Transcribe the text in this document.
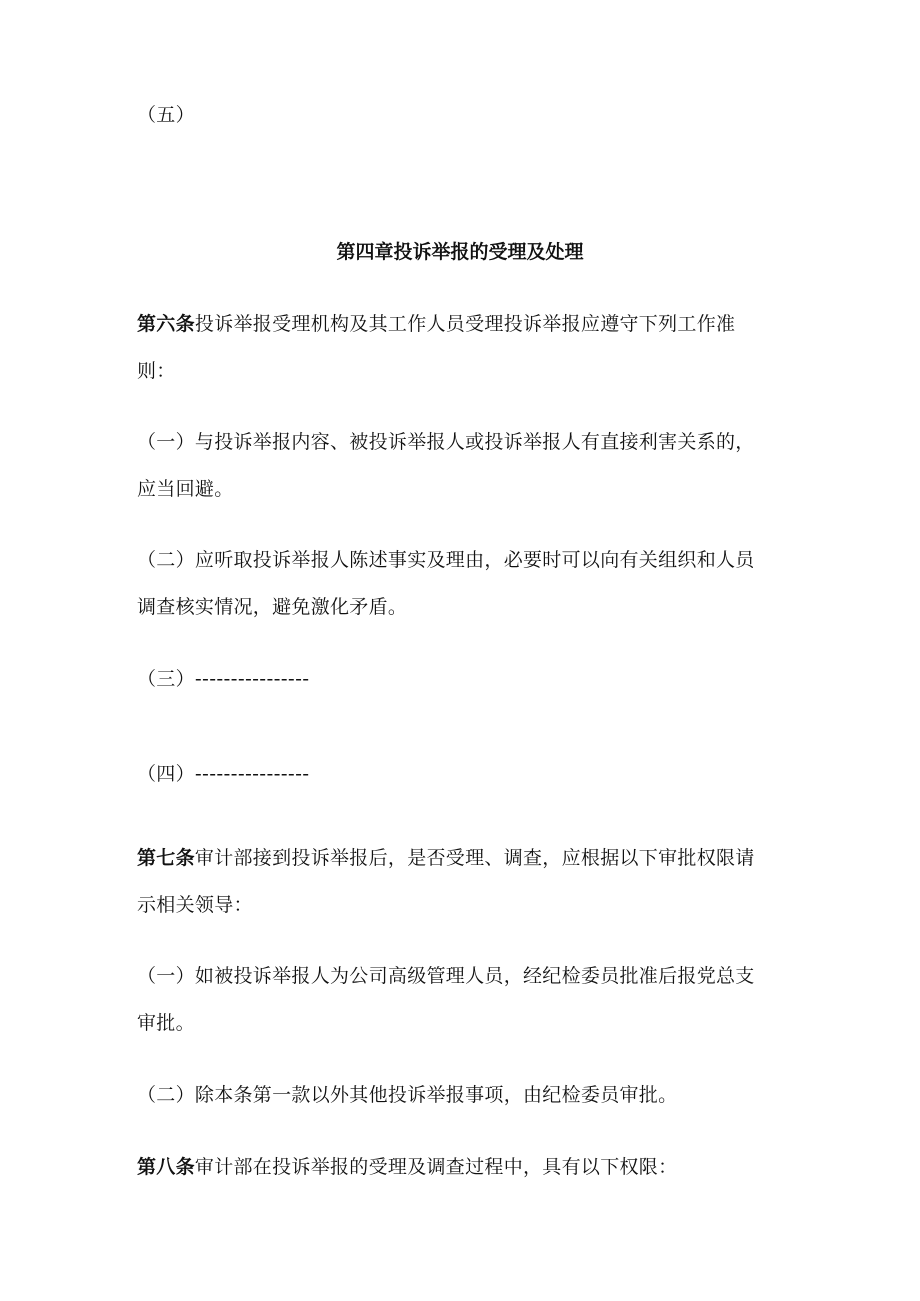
（五）
第四章投诉举报的受理及处理
第六条投诉举报受理机构及其工作人员受理投诉举报应遵守下列工作准
则：
（一）与投诉举报内容、被投诉举报人或投诉举报人有直接利害关系的，
应当回避。
（二）应听取投诉举报人陈述事实及理由，必要时可以向有关组织和人员
调查核实情况，避免激化矛盾。
（三）----------------
（四）----------------
第七条审计部接到投诉举报后，是否受理、调查，应根据以下审批权限请
示相关领导：
（一）如被投诉举报人为公司高级管理人员，经纪检委员批准后报党总支
审批。
（二）除本条第一款以外其他投诉举报事项，由纪检委员审批。
第八条审计部在投诉举报的受理及调查过程中，具有以下权限：
